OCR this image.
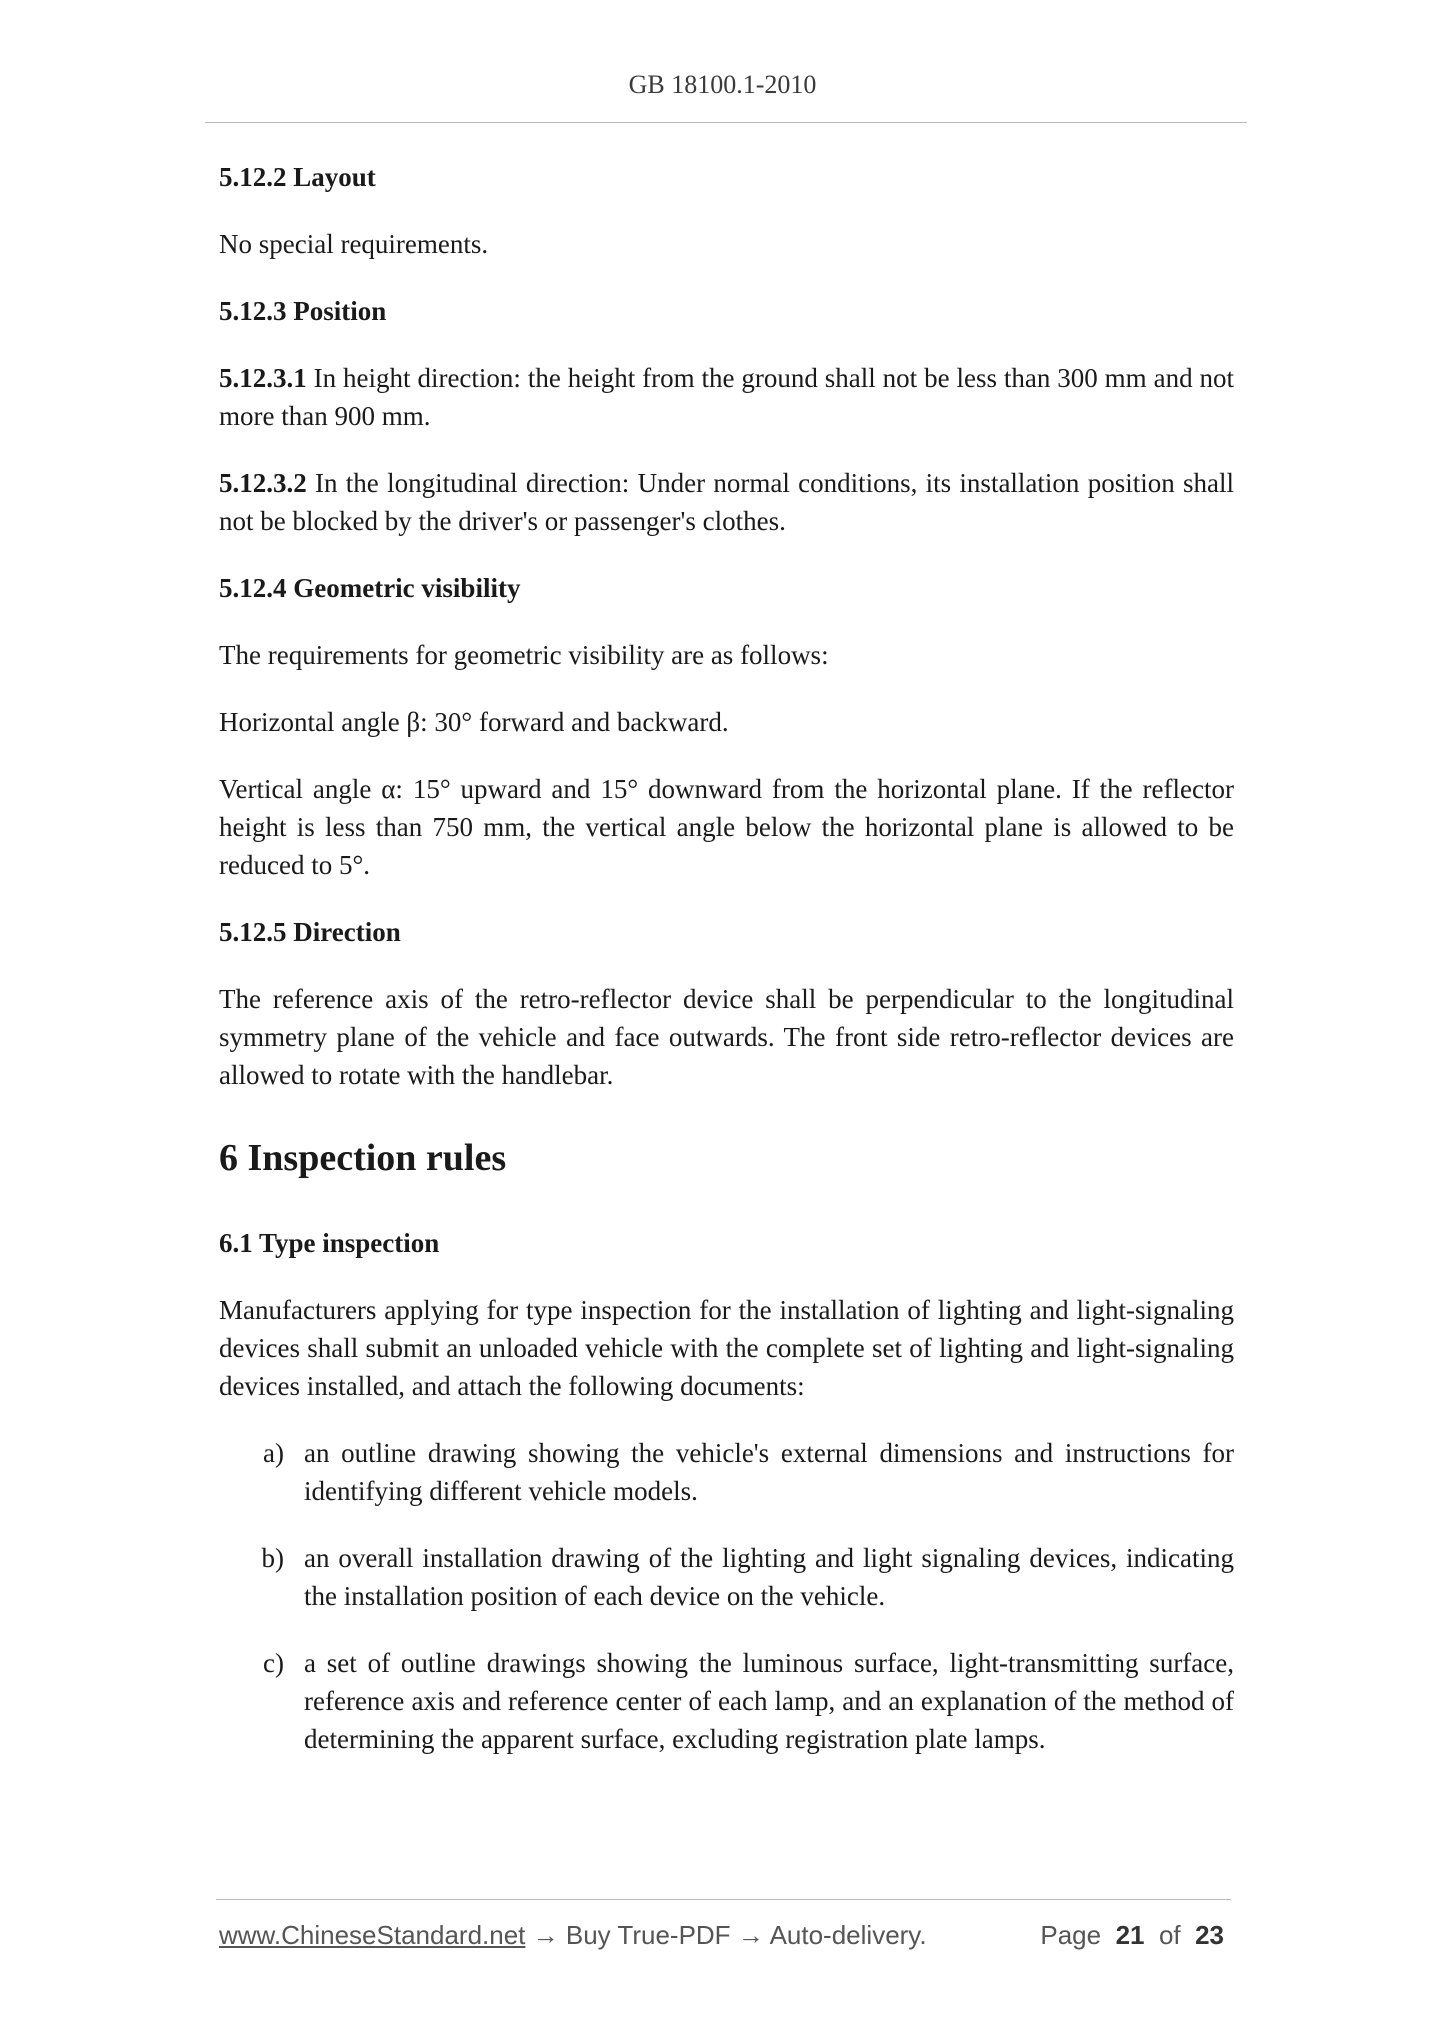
GB 18100.1-2010
5.12.2 Layout
No special requirements.
5.12.3 Position
5.12.3.1 In height direction: the height from the ground shall not be less than 300 mm and not more than 900 mm.
5.12.3.2 In the longitudinal direction: Under normal conditions, its installation position shall not be blocked by the driver's or passenger's clothes.
5.12.4 Geometric visibility
The requirements for geometric visibility are as follows:
Horizontal angle β: 30° forward and backward.
Vertical angle α: 15° upward and 15° downward from the horizontal plane. If the reflector height is less than 750 mm, the vertical angle below the horizontal plane is allowed to be reduced to 5°.
5.12.5 Direction
The reference axis of the retro-reflector device shall be perpendicular to the longitudinal symmetry plane of the vehicle and face outwards. The front side retro-reflector devices are allowed to rotate with the handlebar.
6 Inspection rules
6.1 Type inspection
Manufacturers applying for type inspection for the installation of lighting and light-signaling devices shall submit an unloaded vehicle with the complete set of lighting and light-signaling devices installed, and attach the following documents:
a) an outline drawing showing the vehicle's external dimensions and instructions for identifying different vehicle models.
b) an overall installation drawing of the lighting and light signaling devices, indicating the installation position of each device on the vehicle.
c) a set of outline drawings showing the luminous surface, light-transmitting surface, reference axis and reference center of each lamp, and an explanation of the method of determining the apparent surface, excluding registration plate lamps.
www.ChineseStandard.net → Buy True-PDF → Auto-delivery.	Page 21 of 23
